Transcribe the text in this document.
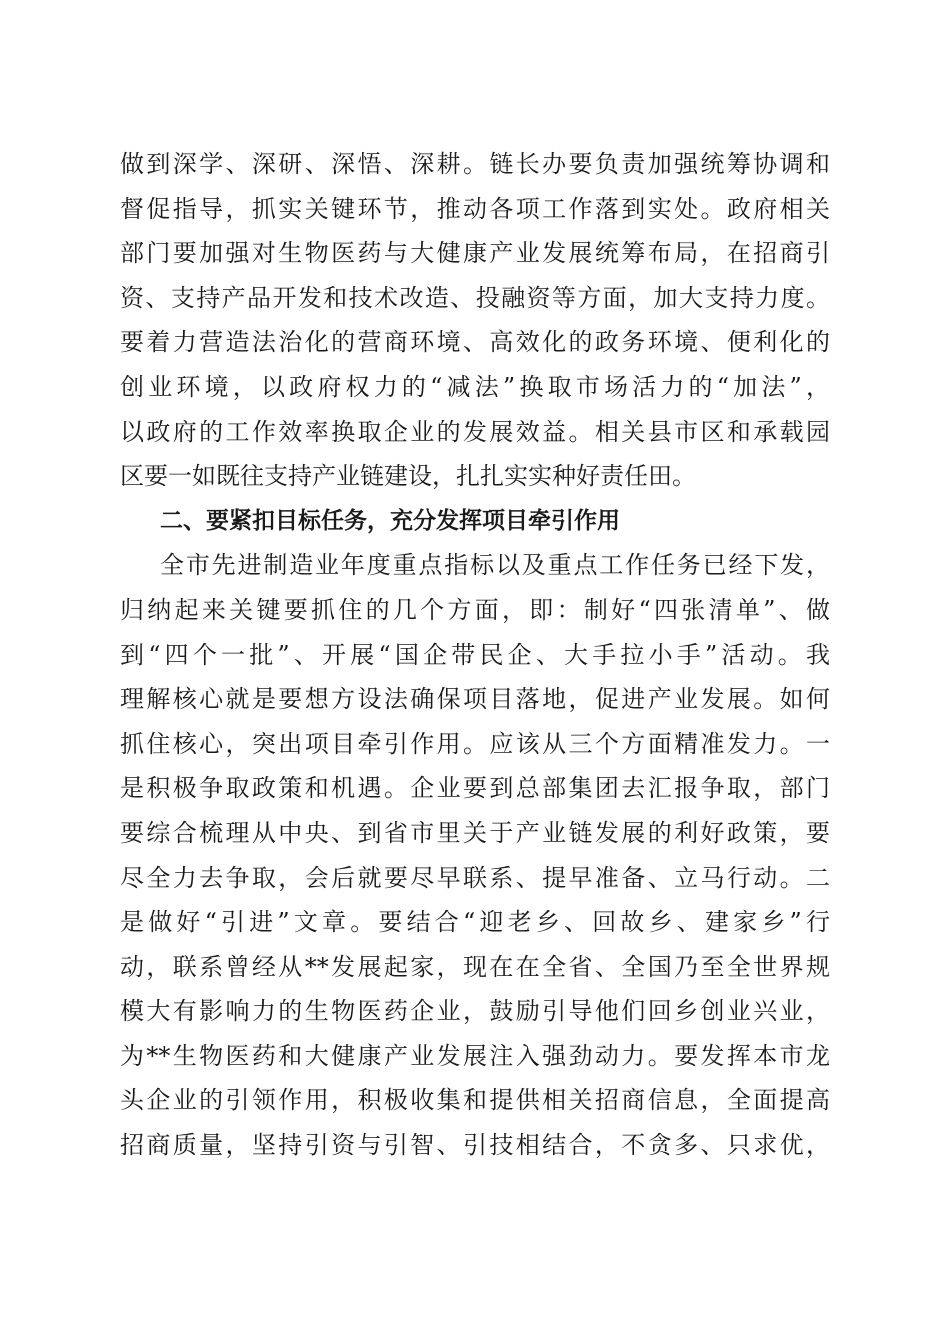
做到深学、深研、深悟、深耕。链长办要负责加强统筹协调和
督促指导，抓实关键环节，推动各项工作落到实处。政府相关
部门要加强对生物医药与大健康产业发展统筹布局，在招商引
资、支持产品开发和技术改造、投融资等方面，加大支持力度。
要着力营造法治化的营商环境、高效化的政务环境、便利化的
创业环境，以政府权力的“减法”换取市场活力的“加法”，
以政府的工作效率换取企业的发展效益。相关县市区和承载园
区要一如既往支持产业链建设，扎扎实实种好责任田。
二、要紧扣目标任务，充分发挥项目牵引作用
全市先进制造业年度重点指标以及重点工作任务已经下发，
归纳起来关键要抓住的几个方面，即：制好“四张清单”、做
到“四个一批”、开展“国企带民企、大手拉小手”活动。我
理解核心就是要想方设法确保项目落地，促进产业发展。如何
抓住核心，突出项目牵引作用。应该从三个方面精准发力。一
是积极争取政策和机遇。企业要到总部集团去汇报争取，部门
要综合梳理从中央、到省市里关于产业链发展的利好政策，要
尽全力去争取，会后就要尽早联系、提早准备、立马行动。二
是做好“引进”文章。要结合“迎老乡、回故乡、建家乡”行
动，联系曾经从**发展起家，现在在全省、全国乃至全世界规
模大有影响力的生物医药企业，鼓励引导他们回乡创业兴业，
为**生物医药和大健康产业发展注入强劲动力。要发挥本市龙
头企业的引领作用，积极收集和提供相关招商信息，全面提高
招商质量，坚持引资与引智、引技相结合，不贪多、只求优，
